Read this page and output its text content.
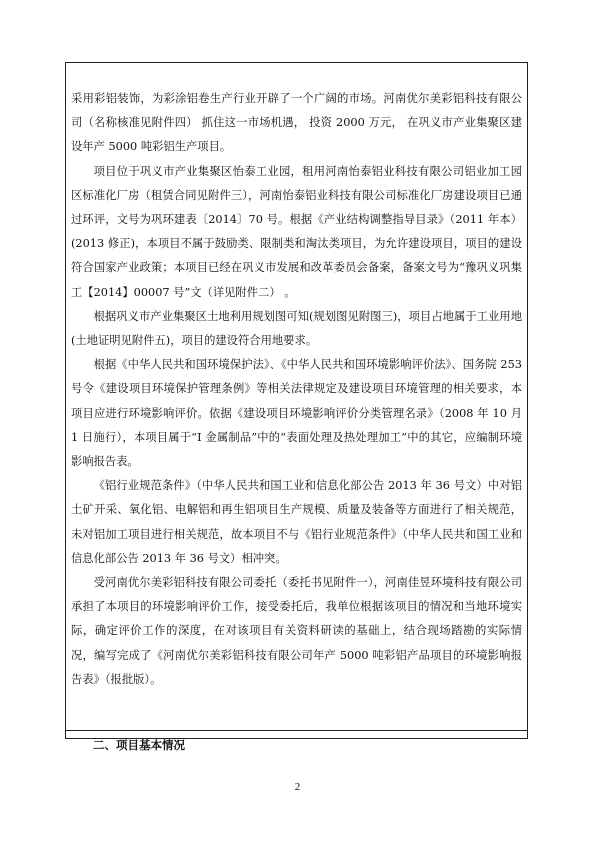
采用彩铝装饰，为彩涂铝卷生产行业开辟了一个广阔的市场。河南优尔美彩铝科技有限公司（名称核准见附件四） 抓住这一市场机遇， 投资 2000 万元， 在巩义市产业集聚区建设年产 5000 吨彩铝生产项目。

项目位于巩义市产业集聚区怡泰工业园，租用河南怡泰铝业科技有限公司铝业加工园区标准化厂房（租赁合同见附件三），河南怡泰铝业科技有限公司标准化厂房建设项目已通过环评，文号为巩环建表〔2014〕70 号。根据《产业结构调整指导目录》（2011 年本）(2013 修正)，本项目不属于鼓励类、限制类和淘汰类项目，为允许建设项目，项目的建设符合国家产业政策；本项目已经在巩义市发展和改革委员会备案，备案文号为“豫巩义巩集工【2014】00007 号”文（详见附件二） 。

根据巩义市产业集聚区土地利用规划图可知(规划图见附图三)，项目占地属于工业用地(土地证明见附件五)，项目的建设符合用地要求。

根据《中华人民共和国环境保护法》、《中华人民共和国环境影响评价法》、国务院 253 号令《建设项目环境保护管理条例》等相关法律规定及建设项目环境管理的相关要求，本项目应进行环境影响评价。依据《建设项目环境影响评价分类管理名录》（2008 年 10 月 1 日施行），本项目属于“I 金属制品”中的“表面处理及热处理加工”中的其它，应编制环境影响报告表。

《铝行业规范条件》（中华人民共和国工业和信息化部公告 2013 年 36 号文）中对铝土矿开采、氧化铝、电解铝和再生铝项目生产规模、质量及装备等方面进行了相关规范，未对铝加工项目进行相关规范，故本项目不与《铝行业规范条件》（中华人民共和国工业和信息化部公告 2013 年 36 号文）相冲突。

受河南优尔美彩铝科技有限公司委托（委托书见附件一），河南佳昱环境科技有限公司承担了本项目的环境影响评价工作，接受委托后，我单位根据该项目的情况和当地环境实际，确定评价工作的深度，在对该项目有关资料研读的基础上，结合现场踏勘的实际情况，编写完成了《河南优尔美彩铝科技有限公司年产 5000 吨彩铝产品项目的环境影响报告表》（报批版）。

二、项目基本情况
2
